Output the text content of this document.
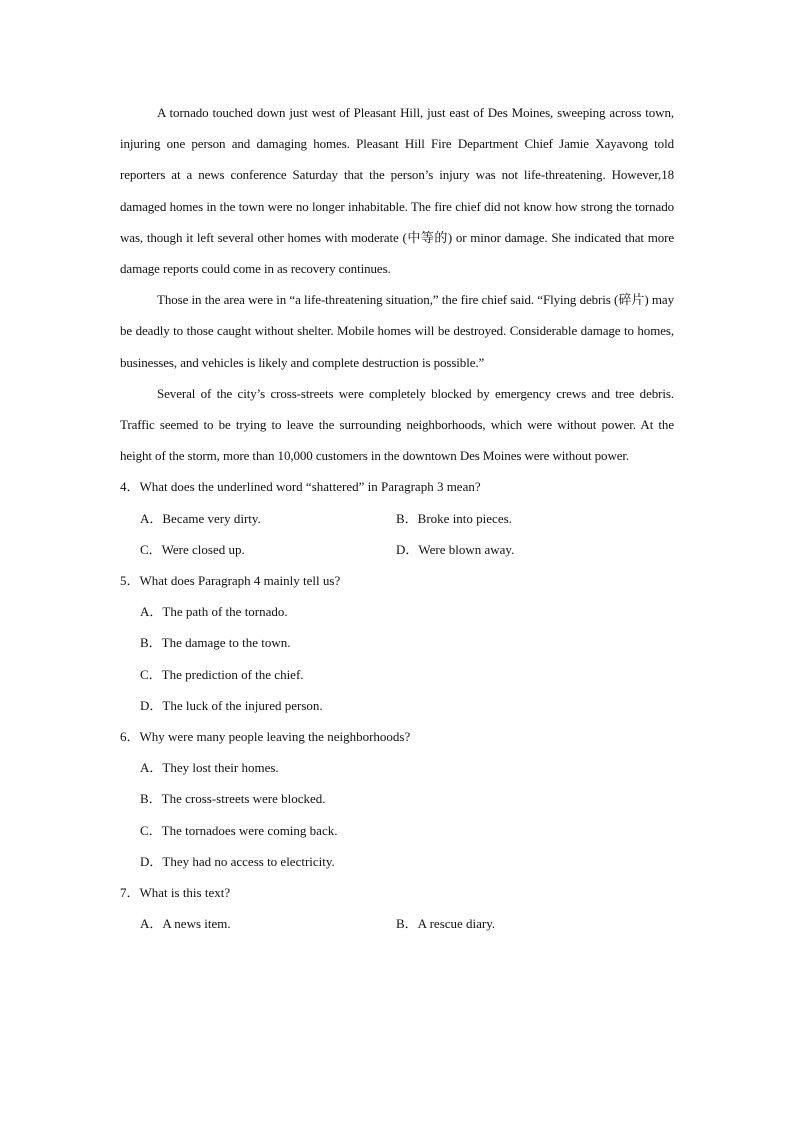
A tornado touched down just west of Pleasant Hill, just east of Des Moines, sweeping across town, injuring one person and damaging homes. Pleasant Hill Fire Department Chief Jamie Xayavong told reporters at a news conference Saturday that the person’s injury was not life-threatening. However,18 damaged homes in the town were no longer inhabitable. The fire chief did not know how strong the tornado was, though it left several other homes with moderate (中等的) or minor damage. She indicated that more damage reports could come in as recovery continues.

Those in the area were in “a life-threatening situation,” the fire chief said. “Flying debris (碎片) may be deadly to those caught without shelter. Mobile homes will be destroyed. Considerable damage to homes, businesses, and vehicles is likely and complete destruction is possible.”

Several of the city’s cross-streets were completely blocked by emergency crews and tree debris. Traffic seemed to be trying to leave the surrounding neighborhoods, which were without power. At the height of the storm, more than 10,000 customers in the downtown Des Moines were without power.

4．What does the underlined word “shattered” in Paragraph 3 mean?

A．Became very dirty.	B．Broke into pieces.
C．Were closed up.	D．Were blown away.

5．What does Paragraph 4 mainly tell us?

A．The path of the tornado.
B．The damage to the town.
C．The prediction of the chief.
D．The luck of the injured person.

6．Why were many people leaving the neighborhoods?

A．They lost their homes.
B．The cross-streets were blocked.
C．The tornadoes were coming back.
D．They had no access to electricity.

7．What is this text?

A．A news item.	B．A rescue diary.
